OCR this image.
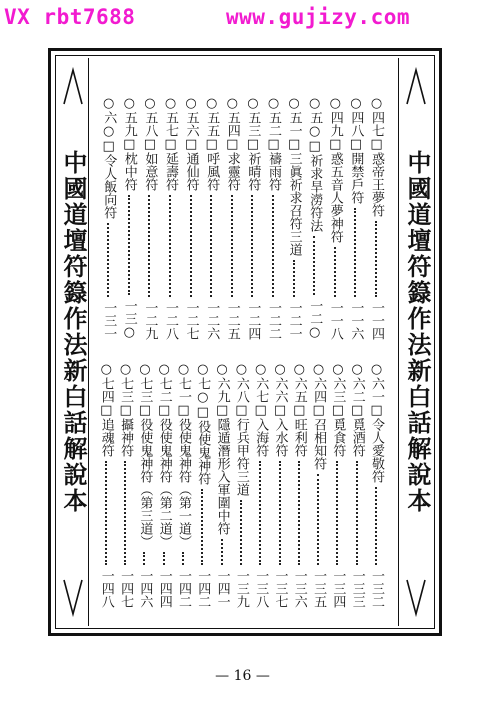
VX rbt7688

	www.gujizy.com

中國道壇符籙作法新白話解說本	中國道壇符籙作法新白話解說本
○四七□惑帝王夢符
一一四
○四八□開禁戶符
一一六
○四九□惑五音人夢神符
一一八
○五○□祈求旱澇符法
一二○
○五一□三眞祈求召符三道
一二一
○五二□禱雨符
一二二
○五三□祈晴符
一二四
○五四□求靈符
一二五
○五五□呼風符
一二六
○五六□通仙符
一二七
○五七□延壽符
一二八
○五八□如意符
一二九
○五九□枕中符
一三○
○六○□令人飯向符
一三一
○六一□令人愛敬符
一三二
○六二□覓酒符
一三三
○六三□覓食符
一三四
○六四□召相知符
一三五
○六五□旺利符
一三六
○六六□入水符
一三七
○六七□入海符
一三八
○六八□行兵甲符三道
一三九
○六九□隱遁潛形入軍圍中符
一四一
○七○□役使鬼神符
一四二
○七一□役使鬼神符（第一道）
一四二
○七二□役使鬼神符（第二道）
一四四
○七三□役使鬼神符（第三道）
一四六
○七三□攝神符
一四七
○七四□追魂符
一四八
— 16 —
